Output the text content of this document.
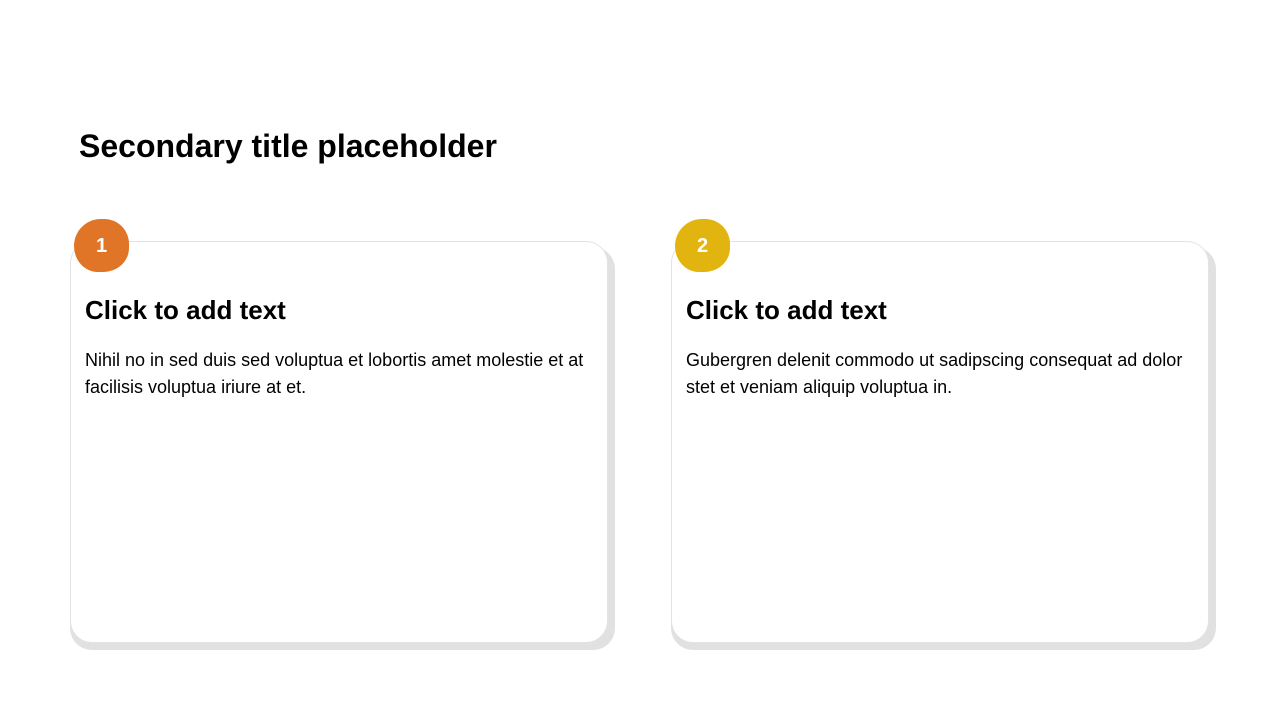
Secondary title placeholder
Click to add text

Nihil no in sed duis sed voluptua et lobortis amet molestie et at facilisis voluptua iriure at et.

1
Click to add text

Gubergren delenit commodo ut sadipscing consequat ad dolor stet et veniam aliquip voluptua in.

2
